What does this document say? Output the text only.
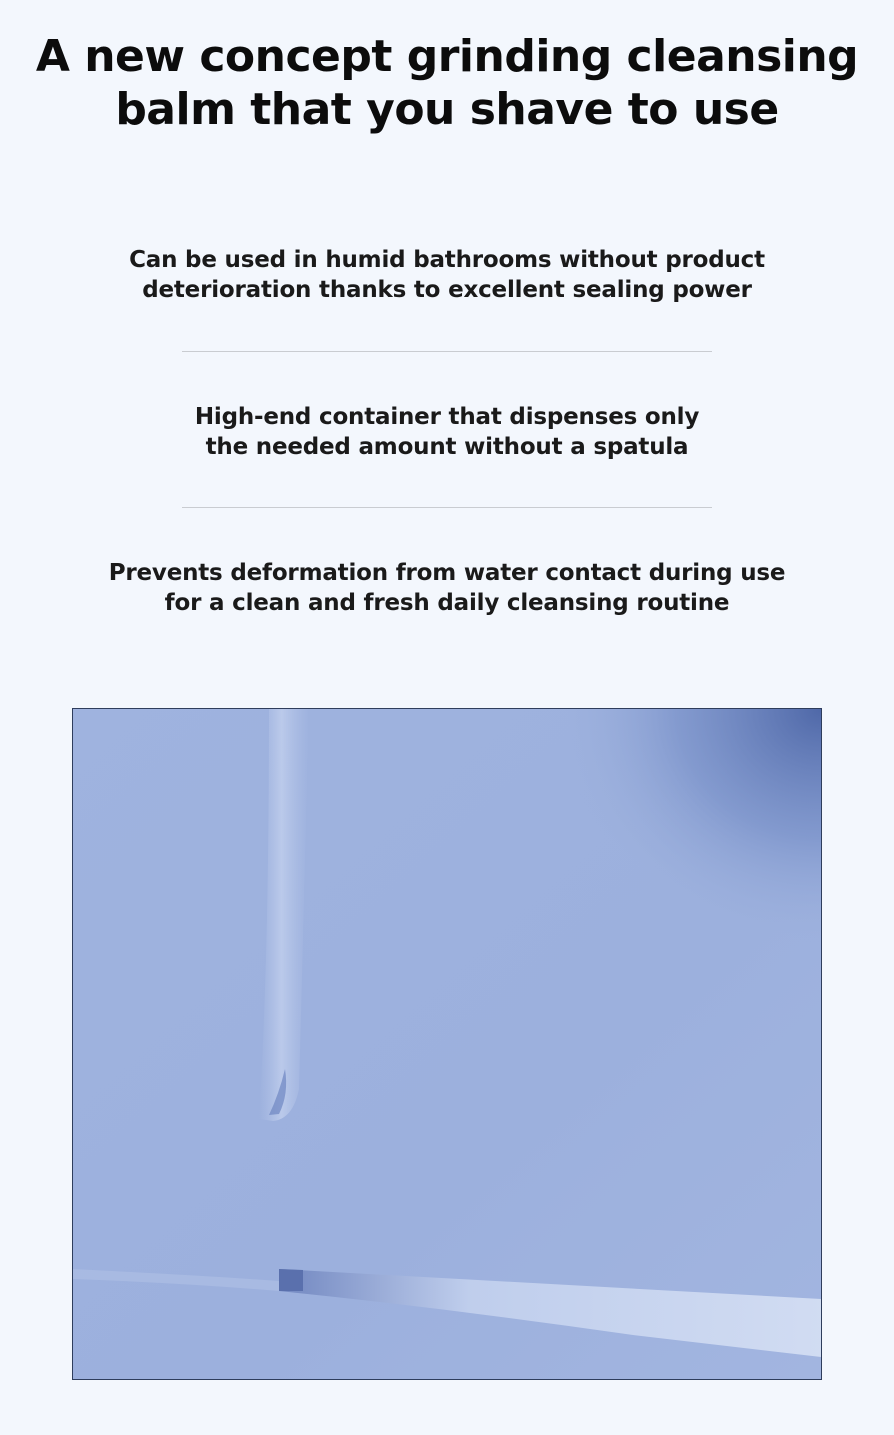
A new concept grinding cleansing
balm that you shave to use

Can be used in humid bathrooms without product
deterioration thanks to excellent sealing power

High-end container that dispenses only
the needed amount without a spatula

Prevents deformation from water contact during use
for a clean and fresh daily cleansing routine
